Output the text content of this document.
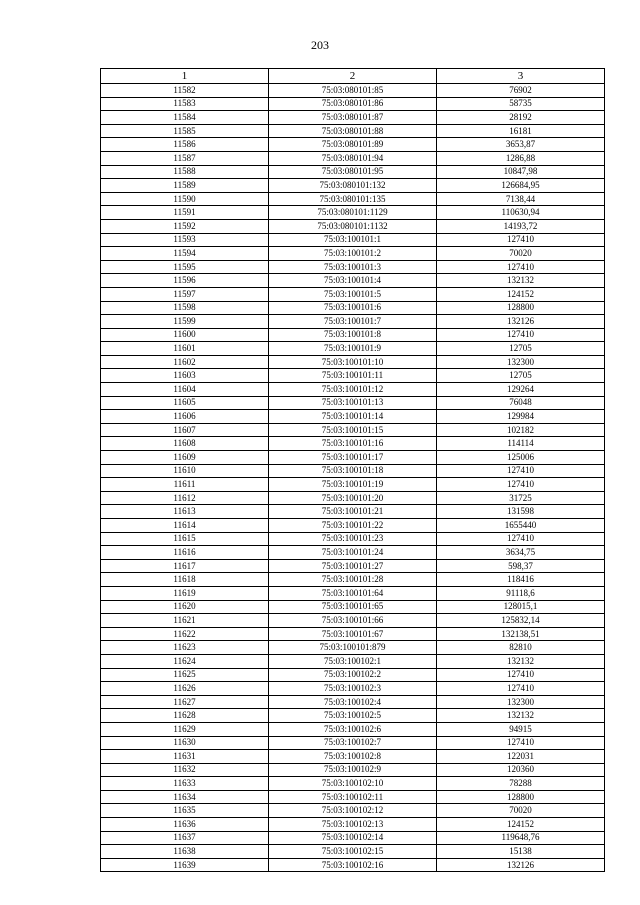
203
1	2	3
11582	75:03:080101:85	76902
11583	75:03:080101:86	58735
11584	75:03:080101:87	28192
11585	75:03:080101:88	16181
11586	75:03:080101:89	3653,87
11587	75:03:080101:94	1286,88
11588	75:03:080101:95	10847,98
11589	75:03:080101:132	126684,95
11590	75:03:080101:135	7138,44
11591	75:03:080101:1129	110630,94
11592	75:03:080101:1132	14193,72
11593	75:03:100101:1	127410
11594	75:03:100101:2	70020
11595	75:03:100101:3	127410
11596	75:03:100101:4	132132
11597	75:03:100101:5	124152
11598	75:03:100101:6	128800
11599	75:03:100101:7	132126
11600	75:03:100101:8	127410
11601	75:03:100101:9	12705
11602	75:03:100101:10	132300
11603	75:03:100101:11	12705
11604	75:03:100101:12	129264
11605	75:03:100101:13	76048
11606	75:03:100101:14	129984
11607	75:03:100101:15	102182
11608	75:03:100101:16	114114
11609	75:03:100101:17	125006
11610	75:03:100101:18	127410
11611	75:03:100101:19	127410
11612	75:03:100101:20	31725
11613	75:03:100101:21	131598
11614	75:03:100101:22	1655440
11615	75:03:100101:23	127410
11616	75:03:100101:24	3634,75
11617	75:03:100101:27	598,37
11618	75:03:100101:28	118416
11619	75:03:100101:64	91118,6
11620	75:03:100101:65	128015,1
11621	75:03:100101:66	125832,14
11622	75:03:100101:67	132138,51
11623	75:03:100101:879	82810
11624	75:03:100102:1	132132
11625	75:03:100102:2	127410
11626	75:03:100102:3	127410
11627	75:03:100102:4	132300
11628	75:03:100102:5	132132
11629	75:03:100102:6	94915
11630	75:03:100102:7	127410
11631	75:03:100102:8	122031
11632	75:03:100102:9	120360
11633	75:03:100102:10	78288
11634	75:03:100102:11	128800
11635	75:03:100102:12	70020
11636	75:03:100102:13	124152
11637	75:03:100102:14	119648,76
11638	75:03:100102:15	15138
11639	75:03:100102:16	132126
